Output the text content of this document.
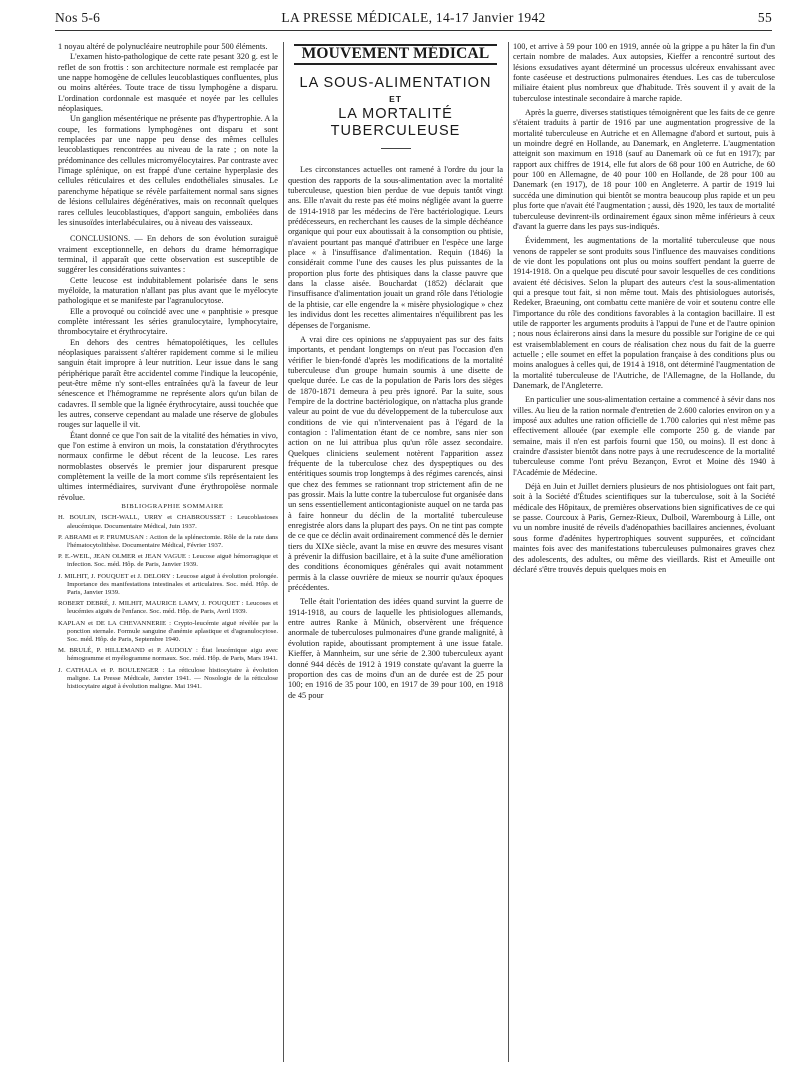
Nos 5-6	LA PRESSE MÉDICALE, 14-17 Janvier 1942	55

1 noyau altéré de polynucléaire neutrophile pour 500 éléments.

L'examen histo-pathologique de cette rate pesant 320 g. est le reflet de son frottis : son architecture normale est remplacée par une nappe homogène de cellules leucoblastiques confluentes, plus ou moins altérées. Toute trace de tissu lymphogène a disparu. L'ordination cordonnale est masquée et noyée par les cellules néoplasiques.

Un ganglion mésentérique ne présente pas d'hypertrophie. A la coupe, les formations lymphogènes ont disparu et sont remplacées par une nappe peu dense des mêmes cellules leucoblastiques rencontrées au niveau de la rate ; on note la prédominance des cellules micromyélocytaires. Par contraste avec l'image splénique, on est frappé d'une certaine hyperplasie des cellules réticulaires et des cellules endothéliales sinusales. Le parenchyme hépatique se révèle parfaitement normal sans signes de lésions cellulaires dégénératives, mais on reconnaît quelques rares cellules leucoblastiques, d'apport sanguin, emboliées dans les sinusoïdes interlabéculaires, ou à niveau des vaisseaux.

CONCLUSIONS. — En dehors de son évolution suraiguë vraiment exceptionnelle, en dehors du drame hémorragique terminal, il apparaît que cette observation est susceptible de suggérer les considérations suivantes :

Cette leucose est indubitablement polarisée dans le sens myéloïde, la maturation n'allant pas plus avant que le myélocyte pathologique et se manifeste par l'agranulocytose.

Elle a provoqué ou coïncidé avec une « panphtisie » presque complète intéressant les séries granulocytaire, lymphocytaire, thrombocytaire et érythrocytaire.

En dehors des centres hématopoïétiques, les cellules néoplasiques paraissent s'altérer rapidement comme si le milieu sanguin était impropre à leur nutrition. Leur issue dans le sang périphérique paraît être accidentel comme l'indique la leucopénie, peut-être même n'y sont-elles entraînées qu'à la faveur de leur sénescence et l'hémogramme ne représente alors qu'un bilan de cadavres. Il semble que la lignée érythrocytaire, aussi touchée que les autres, conserve cependant au malade une réserve de globules rouges sur laquelle il vit.

Étant donné ce que l'on sait de la vitalité des hématies in vivo, que l'on estime à environ un mois, la constatation d'érythrocytes normaux confirme le début récent de la leucose. Les rares normoblastes observés le premier jour disparurent presque complètement la veille de la mort comme s'ils représentaient les ultimes intermédiaires, survivant d'une érythropoïèse normale révolue.

BIBLIOGRAPHIE SOMMAIRE

H. BOULIN, ISCH-WALL, URRY et CHABROUSSET : Leucoblastoses aleucémique. Documentaire Médical, Juin 1937.

P. ABRAMI et P. FRUMUSAN : Action de la splénectomie. Rôle de la rate dans l'hématocytolithèse. Documentaire Médical, Février 1937.

P. E.-WEIL, JEAN OLMER et JEAN VAGUE : Leucose aiguë hémorragique et infection. Soc. méd. Hôp. de Paris, Janvier 1939.

J. MILHIT, J. FOUQUET et J. DELORY : Leucose aiguë à évolution prolongée. Importance des manifestations intestinales et articulaires. Soc. méd. Hôp. de Paris, Janvier 1939.

ROBERT DEBRÉ, J. MILHIT, MAURICE LAMY, J. FOUQUET : Leucoses et leucémies aiguës de l'enfance. Soc. méd. Hôp. de Paris, Avril 1939.

KAPLAN et DE LA CHEVANNERIE : Crypto-leucémie aiguë révélée par la ponction sternale. Formule sanguine d'anémie aplastique et d'agranulocytose. Soc. méd. Hôp. de Paris, Septembre 1940.

M. BRULÉ, P. HILLEMAND et P. AUDOLY : État leucémique aigu avec hémogramme et myélogramme normaux. Soc. méd. Hôp. de Paris, Mars 1941.

J. CATHALA et P. BOULENGER : La réticulose histiocytaire à évolution maligne. La Presse Médicale, Janvier 1941. — Nosologie de la réticulose histiocytaire aiguë à évolution maligne. Mai 1941.

MOUVEMENT MÉDICAL
LA SOUS-ALIMENTATION
ET
LA MORTALITÉ
TUBERCULEUSE

Les circonstances actuelles ont ramené à l'ordre du jour la question des rapports de la sous-alimentation avec la mortalité tuberculeuse, question bien perdue de vue depuis tantôt vingt ans. Elle n'avait du reste pas été moins négligée avant la guerre de 1914-1918 par les médecins de l'ère bactériologique. Leurs prédécesseurs, en recherchant les causes de la simple déchéance organique qui pour eux aboutissait à la consomption ou phtisie, n'avaient pourtant pas manqué d'attribuer en l'espèce une large place « à l'insuffisance d'alimentation. Requin (1846) la considérait comme l'une des causes les plus puissantes de la proportion plus forte des phtisiques dans la classe pauvre que dans la classe aisée. Bouchardat (1852) déclarait que l'insuffisance d'alimentation jouait un grand rôle dans l'étiologie de la phtisie, car elle engendre la « misère physiologique » chez les individus dont les recettes alimentaires n'équilibrent pas les dépenses de l'organisme.

A vrai dire ces opinions ne s'appuyaient pas sur des faits importants, et pendant longtemps on n'eut pas l'occasion d'en vérifier le bien-fondé d'après les modifications de la mortalité tuberculeuse d'un groupe humain soumis à une disette de quelque durée. Le cas de la population de Paris lors des sièges de 1870-1871 demeura à peu près ignoré. Par la suite, sous l'empire de la doctrine bactériologique, on n'attacha plus grande valeur au point de vue du développement de la tuberculose aux conditions de vie qui n'intervenaient pas à l'égard de la contagion : l'alimentation étant de ce nombre, sans nier son action on ne lui attribua plus qu'un rôle assez secondaire. Quelques cliniciens seulement notèrent l'apparition assez fréquente de la tuberculose chez des dyspeptiques ou des entéritiques soumis trop longtemps à des régimes carencés, ainsi que chez des femmes se rationnant trop strictement afin de ne pas grossir. Mais la lutte contre la tuberculose fut organisée dans un sens essentiellement anticontagioniste auquel on ne tarda pas à faire honneur du déclin de la mortalité tuberculeuse enregistrée alors dans la plupart des pays. On ne tint pas compte de ce que ce déclin avait ordinairement commencé dès le dernier tiers du XIXe siècle, avant la mise en œuvre des mesures visant à prévenir la diffusion bacillaire, et à la suite d'une amélioration des conditions économiques générales qui avait notamment permis à la classe ouvrière de mieux se nourrir qu'aux époques précédentes.

Telle était l'orientation des idées quand survint la guerre de 1914-1918, au cours de laquelle les phtisiologues allemands, entre autres Ranke à Münich, observèrent une fréquence anormale de tuberculoses pulmonaires d'une grande malignité, à évolution rapide, aboutissant promptement à une issue fatale. Kieffer, à Mannheim, sur une série de 2.300 tuberculeux ayant donné 944 décès de 1912 à 1919 constate qu'avant la guerre la proportion des cas de moins d'un an de durée est de 25 pour 100; en 1916 de 35 pour 100, en 1917 de 39 pour 100, en 1918 de 45 pour

100, et arrive à 59 pour 100 en 1919, année où la grippe a pu hâter la fin d'un certain nombre de malades. Aux autopsies, Kieffer a rencontré surtout des lésions exsudatives ayant déterminé un processus ulcéreux envahissant avec fonte caséeuse et destructions pulmonaires étendues. Les cas de tuberculose miliaire étaient plus nombreux que d'habitude. Très souvent il y avait de la tuberculose intestinale secondaire à marche rapide.

Après la guerre, diverses statistiques témoignèrent que les faits de ce genre s'étaient traduits à partir de 1916 par une augmentation progressive de la mortalité tuberculeuse en Autriche et en Allemagne d'abord et surtout, puis à un moindre degré en Hollande, au Danemark, en Angleterre. L'augmentation atteignit son maximum en 1918 (sauf au Danemark où ce fut en 1917); par rapport aux chiffres de 1914, elle fut alors de 68 pour 100 en Autriche, de 60 pour 100 en Allemagne, de 40 pour 100 en Hollande, de 28 pour 100 au Danemark (en 1917), de 18 pour 100 en Angleterre. A partir de 1919 lui succéda une diminution qui bientôt se montra beaucoup plus rapide et un peu plus forte que n'avait été l'augmentation ; aussi, dès 1920, les taux de mortalité tuberculeuse devinrent-ils ordinairement égaux sinon même inférieurs à ceux d'avant la guerre dans les pays sus-indiqués.

Évidemment, les augmentations de la mortalité tuberculeuse que nous venons de rappeler se sont produits sous l'influence des mauvaises conditions de vie dont les populations ont plus ou moins souffert pendant la guerre de 1914-1918. On a quelque peu discuté pour savoir lesquelles de ces conditions avaient été décisives. Selon la plupart des auteurs c'est la sous-alimentation qui a presque tout fait, si non même tout. Mais des phtisiologues autorisés, Redeker, Braeuning, ont combattu cette manière de voir et soutenu contre elle l'importance du rôle des conditions favorables à la contagion bacillaire. Il est utile de rapporter les arguments produits à l'appui de l'une et de l'autre opinion ; nous nous éclairerons ainsi dans la mesure du possible sur l'origine de ce qui est vraisemblablement en cours de réalisation chez nous du fait de la guerre actuelle ; elle soumet en effet la population française à des conditions plus ou moins analogues à celles qui, de 1914 à 1918, ont déterminé l'augmentation de la mortalité tuberculeuse de l'Autriche, de l'Allemagne, de la Hollande, du Danemark, de l'Angleterre.

En particulier une sous-alimentation certaine a commencé à sévir dans nos villes. Au lieu de la ration normale d'entretien de 2.600 calories environ on y a imposé aux adultes une ration officielle de 1.700 calories qui n'est même pas effectivement allouée (par exemple elle comporte 250 g. de viande par semaine, mais il n'en est parfois fourni que 150, ou moins). Il est donc à craindre d'assister bientôt dans notre pays à une recrudescence de la mortalité tuberculeuse comme l'ont prévu Bezançon, Evrot et Moine dès 1940 à l'Académie de Médecine.

Déjà en Juin et Juillet derniers plusieurs de nos phtisiologues ont fait part, soit à la Société d'Études scientifiques sur la tuberculose, soit à la Société médicale des Hôpitaux, de premières observations bien significatives de ce qui se passe. Courcoux à Paris, Gernez-Rieux, Dulboil, Warembourg à Lille, ont vu un nombre inusité de réveils d'adénopathies bacillaires anciennes, évoluant sous forme d'adénites hypertrophiques souvent suppurées, et coïncidant maintes fois avec des manifestations tuberculeuses pulmonaires graves chez des adolescents, des adultes, ou même des vieillards. Rist et Ameuille ont déclaré s'être trouvés depuis quelques mois en
